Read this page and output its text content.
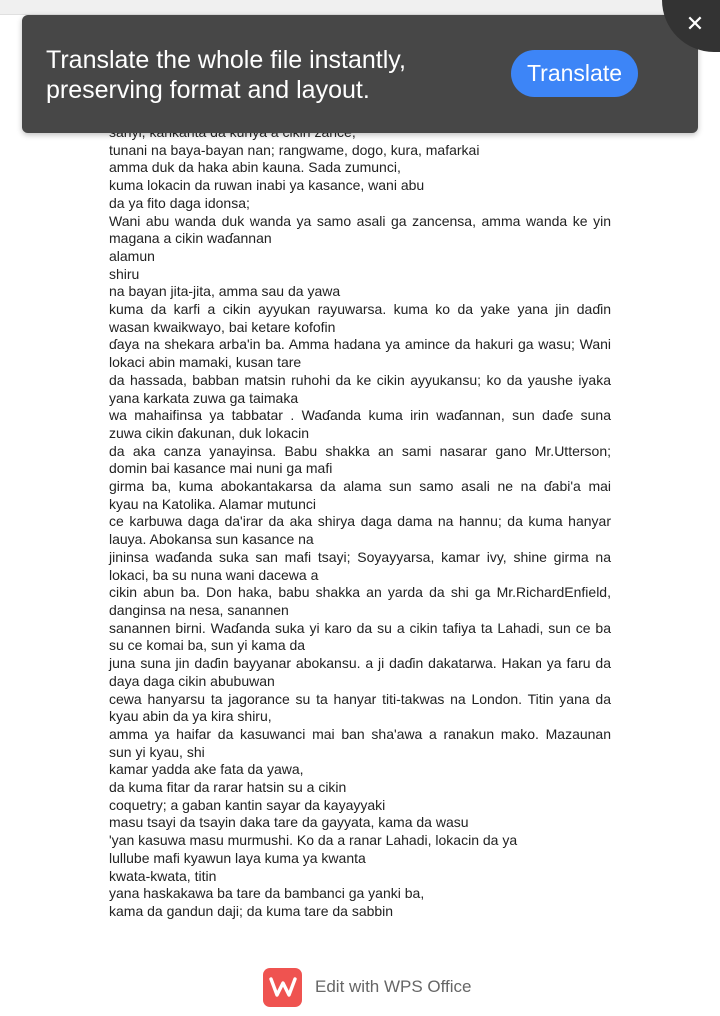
tunani na baya-bayan nan; rangwame, dogo, kura, mafarkai
amma duk da haka abin kauna. Sada zumunci,
kuma lokacin da ruwan inabi ya kasance, wani abu
da ya fito daga idonsa;
Wani abu wanda duk wanda ya samo asali ga zancensa, amma wanda ke yin
magana a cikin waɗannan
alamun
shiru
na bayan jita-jita, amma sau da yawa
kuma da karfi a cikin ayyukan rayuwarsa. kuma ko da yake yana jin daɗin
wasan kwaikwayo, bai ketare kofofin
ɗaya na shekara arba'in ba. Amma hadana ya amince da hakuri ga wasu; Wani
lokaci abin mamaki, kusan tare
da hassada, babban matsin ruhohi da ke cikin ayyukansu; ko da yaushe iyaka
yana karkata zuwa ga taimaka
wa mahaifinsa ya tabbatar . Waɗanda kuma irin waɗannan, sun daɗe suna
zuwa cikin ɗakunan, duk lokacin
da aka canza yanayinsa. Babu shakka an sami nasarar gano Mr.Utterson;
domin bai kasance mai nuni ga mafi
girma ba, kuma abokantakarsa da alama sun samo asali ne na ɗabi'a mai
kyau na Katolika. Alamar mutunci
ce karbuwa daga da'irar da aka shirya daga dama na hannu; da kuma hanyar
lauya. Abokansa sun kasance na
jininsa waɗanda suka san mafi tsayi; Soyayyarsa, kamar ivy, shine girma na
lokaci, ba su nuna wani dacewa a
cikin abun ba. Don haka, babu shakka an yarda da shi ga Mr.RichardEnfield,
danginsa na nesa, sanannen
sanannen birni. Waɗanda suka yi karo da su a cikin tafiya ta Lahadi, sun ce ba
su ce komai ba, sun yi kama da
juna suna jin daɗin bayyanar abokansu. a ji daɗin dakatarwa. Hakan ya faru da
daya daga cikin abubuwan
cewa hanyarsu ta jagorance su ta hanyar titi-takwas na London. Titin yana da
kyau abin da ya kira shiru,
amma ya haifar da kasuwanci mai ban sha'awa a ranakun mako. Mazaunan
sun yi kyau, shi
kamar yadda ake fata da yawa,
da kuma fitar da rarar hatsin su a cikin
coquetry; a gaban kantin sayar da kayayyaki
masu tsayi da tsayin daka tare da gayyata, kama da wasu
'yan kasuwa masu murmushi. Ko da a ranar Lahadi, lokacin da ya
lullube mafi kyawun laya kuma ya kwanta
kwata-kwata, titin
yana haskakawa ba tare da bambanci ga yanki ba,
kama da gandun daji; da kuma tare da sabbin
Translate the whole file instantly, preserving format and layout.
Translate
✕
Edit with WPS Office
